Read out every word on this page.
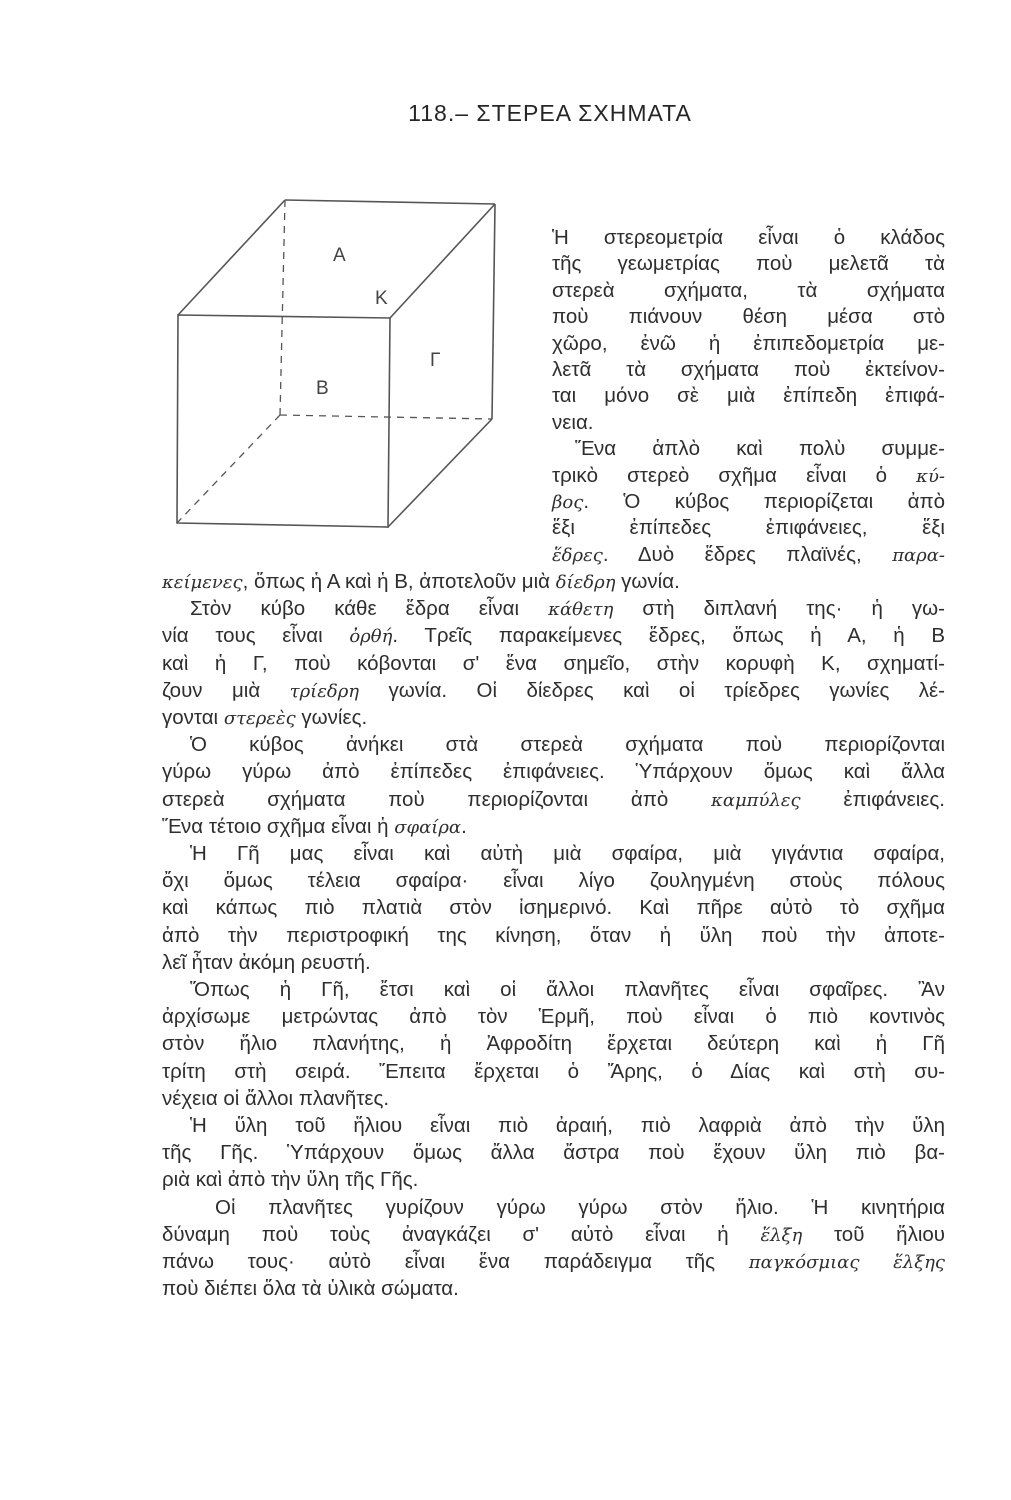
118.– ΣΤΕΡΕΑ ΣΧΗΜΑΤΑ
A
K
Γ
B
Ἡ στερεομετρία εἶναι ὁ κλάδος
τῆς γεωμετρίας ποὺ μελετᾶ τὰ
στερεὰ σχήματα, τὰ σχήματα
ποὺ πιάνουν θέση μέσα στὸ
χῶρο, ἐνῶ ἡ ἐπιπεδομετρία με-
λετᾶ τὰ σχήματα ποὺ ἐκτείνον-
ται μόνο σὲ μιὰ ἐπίπεδη ἐπιφά-
νεια.
Ἕνα ἁπλὸ καὶ πολὺ συμμε-
τρικὸ στερεὸ σχῆμα εἶναι ὁ κύ-
βος. Ὁ κύβος περιορίζεται ἀπὸ
ἕξι ἐπίπεδες ἐπιφάνειες, ἕξι
ἕδρες. Δυὸ ἕδρες πλαϊνές, παρα-
κείμενες, ὅπως ἡ Α καὶ ἡ Β, ἀποτελοῦν μιὰ δίεδρη γωνία.
Στὸν κύβο κάθε ἕδρα εἶναι κάθετη στὴ διπλανή της· ἡ γω-
νία τους εἶναι ὀρθή. Τρεῖς παρακείμενες ἕδρες, ὅπως ἡ Α, ἡ Β
καὶ ἡ Γ, ποὺ κόβονται σ' ἕνα σημεῖο, στὴν κορυφὴ Κ, σχηματί-
ζουν μιὰ τρίεδρη γωνία. Οἱ δίεδρες καὶ οἱ τρίεδρες γωνίες λέ-
γονται στερεὲς γωνίες.
Ὁ κύβος ἀνήκει στὰ στερεὰ σχήματα ποὺ περιορίζονται
γύρω γύρω ἀπὸ ἐπίπεδες ἐπιφάνειες. Ὑπάρχουν ὅμως καὶ ἄλλα
στερεὰ σχήματα ποὺ περιορίζονται ἀπὸ καμπύλες ἐπιφάνειες.
Ἕνα τέτοιο σχῆμα εἶναι ἡ σφαίρα.
Ἡ Γῆ μας εἶναι καὶ αὐτὴ μιὰ σφαίρα, μιὰ γιγάντια σφαίρα,
ὄχι ὅμως τέλεια σφαίρα· εἶναι λίγο ζουληγμένη στοὺς πόλους
καὶ κάπως πιὸ πλατιὰ στὸν ἰσημερινό. Καὶ πῆρε αὐτὸ τὸ σχῆμα
ἀπὸ τὴν περιστροφική της κίνηση, ὅταν ἡ ὕλη ποὺ τὴν ἀποτε-
λεῖ ἦταν ἀκόμη ρευστή.
Ὅπως ἡ Γῆ, ἔτσι καὶ οἱ ἄλλοι πλανῆτες εἶναι σφαῖρες. Ἂν
ἀρχίσωμε μετρώντας ἀπὸ τὸν Ἑρμῆ, ποὺ εἶναι ὁ πιὸ κοντινὸς
στὸν ἥλιο πλανήτης, ἡ Ἀφροδίτη ἔρχεται δεύτερη καὶ ἡ Γῆ
τρίτη στὴ σειρά. Ἔπειτα ἔρχεται ὁ Ἄρης, ὁ Δίας καὶ στὴ συ-
νέχεια οἱ ἄλλοι πλανῆτες.
Ἡ ὕλη τοῦ ἥλιου εἶναι πιὸ ἀραιή, πιὸ λαφριὰ ἀπὸ τὴν ὕλη
τῆς Γῆς. Ὑπάρχουν ὅμως ἄλλα ἄστρα ποὺ ἔχουν ὕλη πιὸ βα-
ριὰ καὶ ἀπὸ τὴν ὕλη τῆς Γῆς.
Οἱ πλανῆτες γυρίζουν γύρω γύρω στὸν ἥλιο. Ἡ κινητήρια
δύναμη ποὺ τοὺς ἀναγκάζει σ' αὐτὸ εἶναι ἡ ἕλξη τοῦ ἥλιου
πάνω τους· αὐτὸ εἶναι ἕνα παράδειγμα τῆς παγκόσμιας ἕλξης
ποὺ διέπει ὅλα τὰ ὑλικὰ σώματα.
